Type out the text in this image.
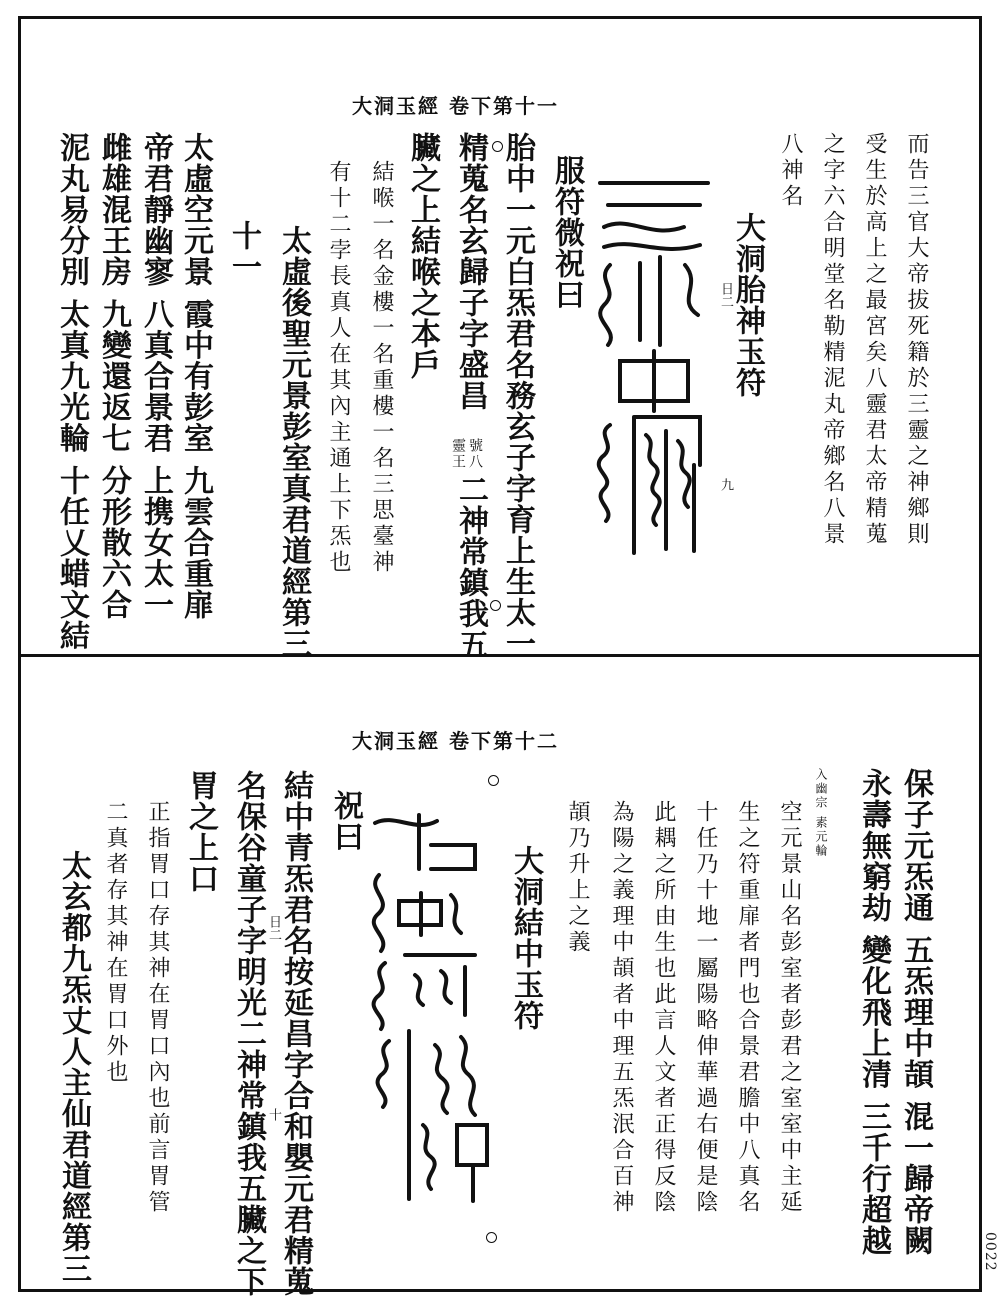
大洞玉經 卷下第十一
而告三官大帝拔死籍於三靈之神鄉則
受生於高上之最宮矣八靈君太帝精蒐
之字六合明堂名勒精泥丸帝鄉名八景
八神名
大洞胎神玉符
日二
九
服符微祝曰
胎中一元白炁君名務玄子字育上生太一
精蒐名玄歸子字盛昌
號八
靈王
二神常鎮我五
臟之上結喉之本戶
結喉一名金樓一名重樓一名三思臺神
有十二孛長真人在其內主通上下炁也
太虛後聖元景彭室真君道經第三
十一
太虛空元景 霞中有彭室 九雲合重扉
帝君靜幽寥 八真合景君 上携女太一
雌雄混王房 九變還返七 分形散六合
泥丸易分別 太真九光輪 十任乂蜡文結
大洞玉經 卷下第十二
保子元炁通 五炁理中頡 混一歸帝闕
永壽無窮劫 變化飛上清 三千行超越
入幽宗 素元輪
空元景山名彭室者彭君之室室中主延
生之符重扉者門也合景君膽中八真名
十任乃十地一屬陽略伸華過右便是陰
此耦之所由生也此言人文者正得反陰
為陽之義理中頡者中理五炁泯合百神
頡乃升上之義
大洞結中玉符
日二
十
祝曰
結中青炁君名按延昌字合和嬰元君精蒐
名保谷童子字明光二神常鎮我五臟之下
胃之上口
正指胃口存其神在胃口內也前言胃管
二真者存其神在胃口外也
太玄都九炁丈人主仙君道經第三	0022
